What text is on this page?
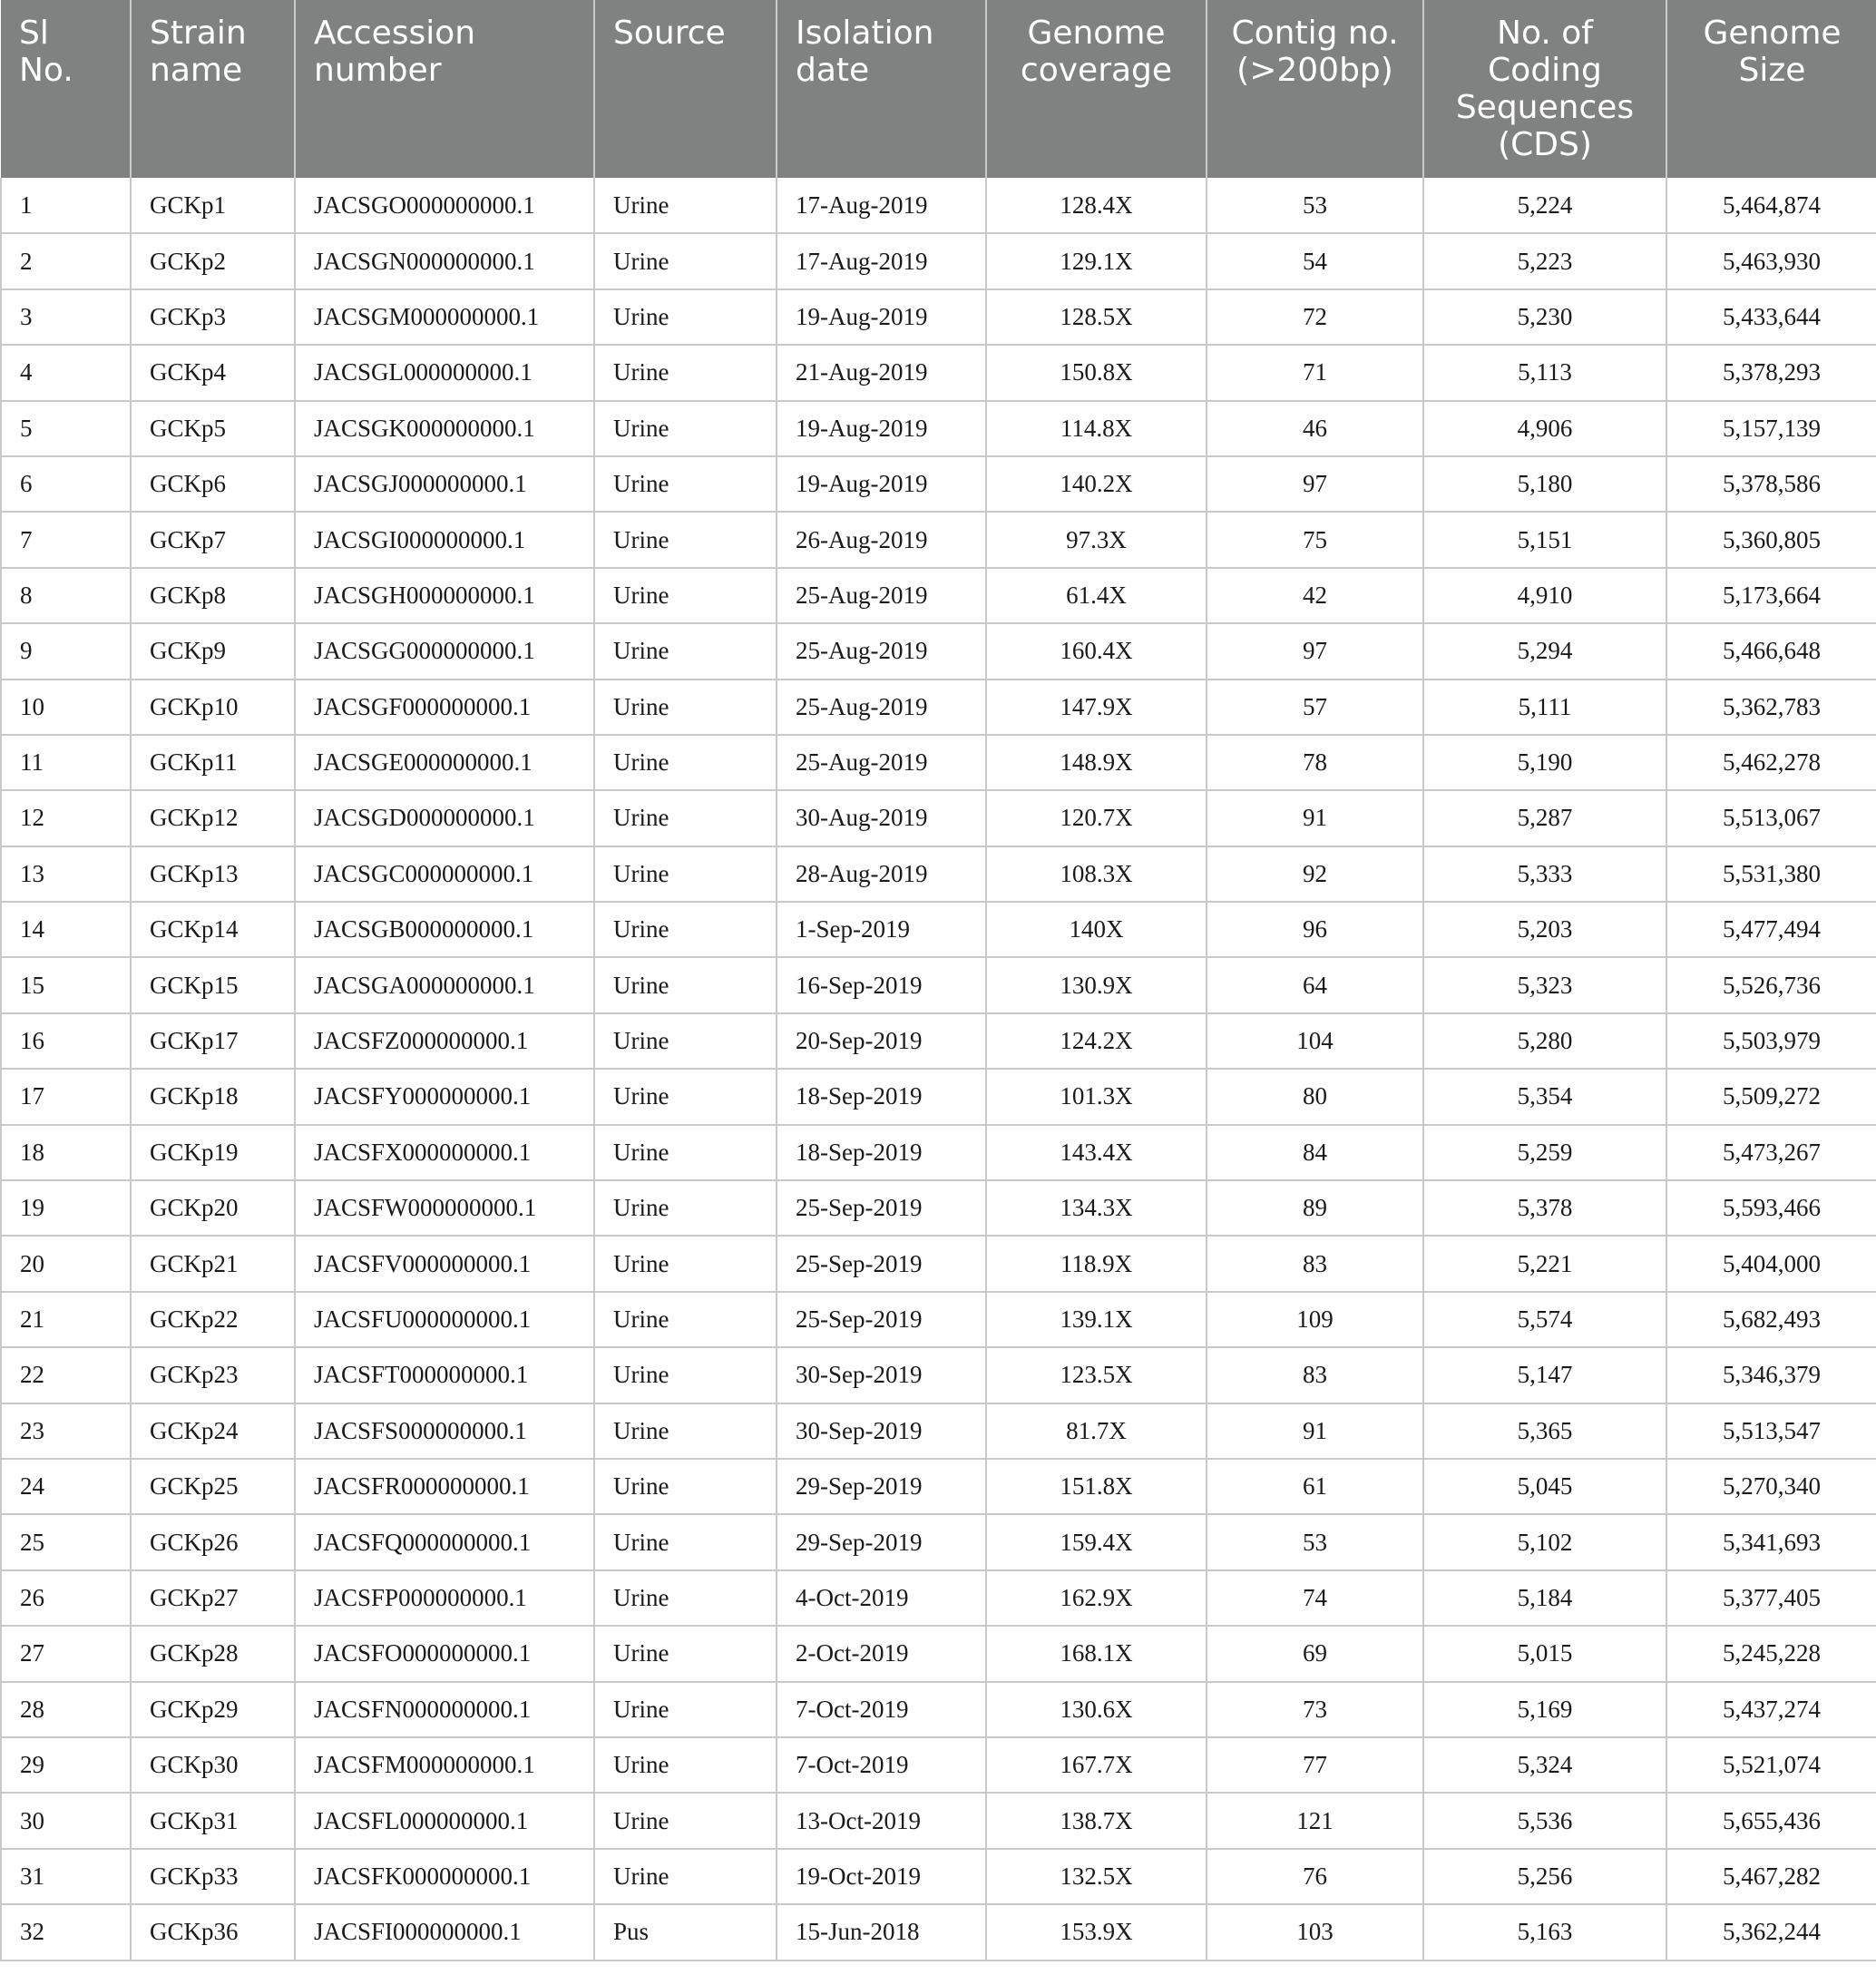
Sl No.	Strain name	Accession number	Source	Isolation date	Genome coverage	Contig no. (>200bp)	No. of Coding Sequences (CDS)	Genome Size
1	GCKp1	JACSGO000000000.1	Urine	17-Aug-2019	128.4X	53	5,224	5,464,874
2	GCKp2	JACSGN000000000.1	Urine	17-Aug-2019	129.1X	54	5,223	5,463,930
3	GCKp3	JACSGM000000000.1	Urine	19-Aug-2019	128.5X	72	5,230	5,433,644
4	GCKp4	JACSGL000000000.1	Urine	21-Aug-2019	150.8X	71	5,113	5,378,293
5	GCKp5	JACSGK000000000.1	Urine	19-Aug-2019	114.8X	46	4,906	5,157,139
6	GCKp6	JACSGJ000000000.1	Urine	19-Aug-2019	140.2X	97	5,180	5,378,586
7	GCKp7	JACSGI000000000.1	Urine	26-Aug-2019	97.3X	75	5,151	5,360,805
8	GCKp8	JACSGH000000000.1	Urine	25-Aug-2019	61.4X	42	4,910	5,173,664
9	GCKp9	JACSGG000000000.1	Urine	25-Aug-2019	160.4X	97	5,294	5,466,648
10	GCKp10	JACSGF000000000.1	Urine	25-Aug-2019	147.9X	57	5,111	5,362,783
11	GCKp11	JACSGE000000000.1	Urine	25-Aug-2019	148.9X	78	5,190	5,462,278
12	GCKp12	JACSGD000000000.1	Urine	30-Aug-2019	120.7X	91	5,287	5,513,067
13	GCKp13	JACSGC000000000.1	Urine	28-Aug-2019	108.3X	92	5,333	5,531,380
14	GCKp14	JACSGB000000000.1	Urine	1-Sep-2019	140X	96	5,203	5,477,494
15	GCKp15	JACSGA000000000.1	Urine	16-Sep-2019	130.9X	64	5,323	5,526,736
16	GCKp17	JACSFZ000000000.1	Urine	20-Sep-2019	124.2X	104	5,280	5,503,979
17	GCKp18	JACSFY000000000.1	Urine	18-Sep-2019	101.3X	80	5,354	5,509,272
18	GCKp19	JACSFX000000000.1	Urine	18-Sep-2019	143.4X	84	5,259	5,473,267
19	GCKp20	JACSFW000000000.1	Urine	25-Sep-2019	134.3X	89	5,378	5,593,466
20	GCKp21	JACSFV000000000.1	Urine	25-Sep-2019	118.9X	83	5,221	5,404,000
21	GCKp22	JACSFU000000000.1	Urine	25-Sep-2019	139.1X	109	5,574	5,682,493
22	GCKp23	JACSFT000000000.1	Urine	30-Sep-2019	123.5X	83	5,147	5,346,379
23	GCKp24	JACSFS000000000.1	Urine	30-Sep-2019	81.7X	91	5,365	5,513,547
24	GCKp25	JACSFR000000000.1	Urine	29-Sep-2019	151.8X	61	5,045	5,270,340
25	GCKp26	JACSFQ000000000.1	Urine	29-Sep-2019	159.4X	53	5,102	5,341,693
26	GCKp27	JACSFP000000000.1	Urine	4-Oct-2019	162.9X	74	5,184	5,377,405
27	GCKp28	JACSFO000000000.1	Urine	2-Oct-2019	168.1X	69	5,015	5,245,228
28	GCKp29	JACSFN000000000.1	Urine	7-Oct-2019	130.6X	73	5,169	5,437,274
29	GCKp30	JACSFM000000000.1	Urine	7-Oct-2019	167.7X	77	5,324	5,521,074
30	GCKp31	JACSFL000000000.1	Urine	13-Oct-2019	138.7X	121	5,536	5,655,436
31	GCKp33	JACSFK000000000.1	Urine	19-Oct-2019	132.5X	76	5,256	5,467,282
32	GCKp36	JACSFI000000000.1	Pus	15-Jun-2018	153.9X	103	5,163	5,362,244
